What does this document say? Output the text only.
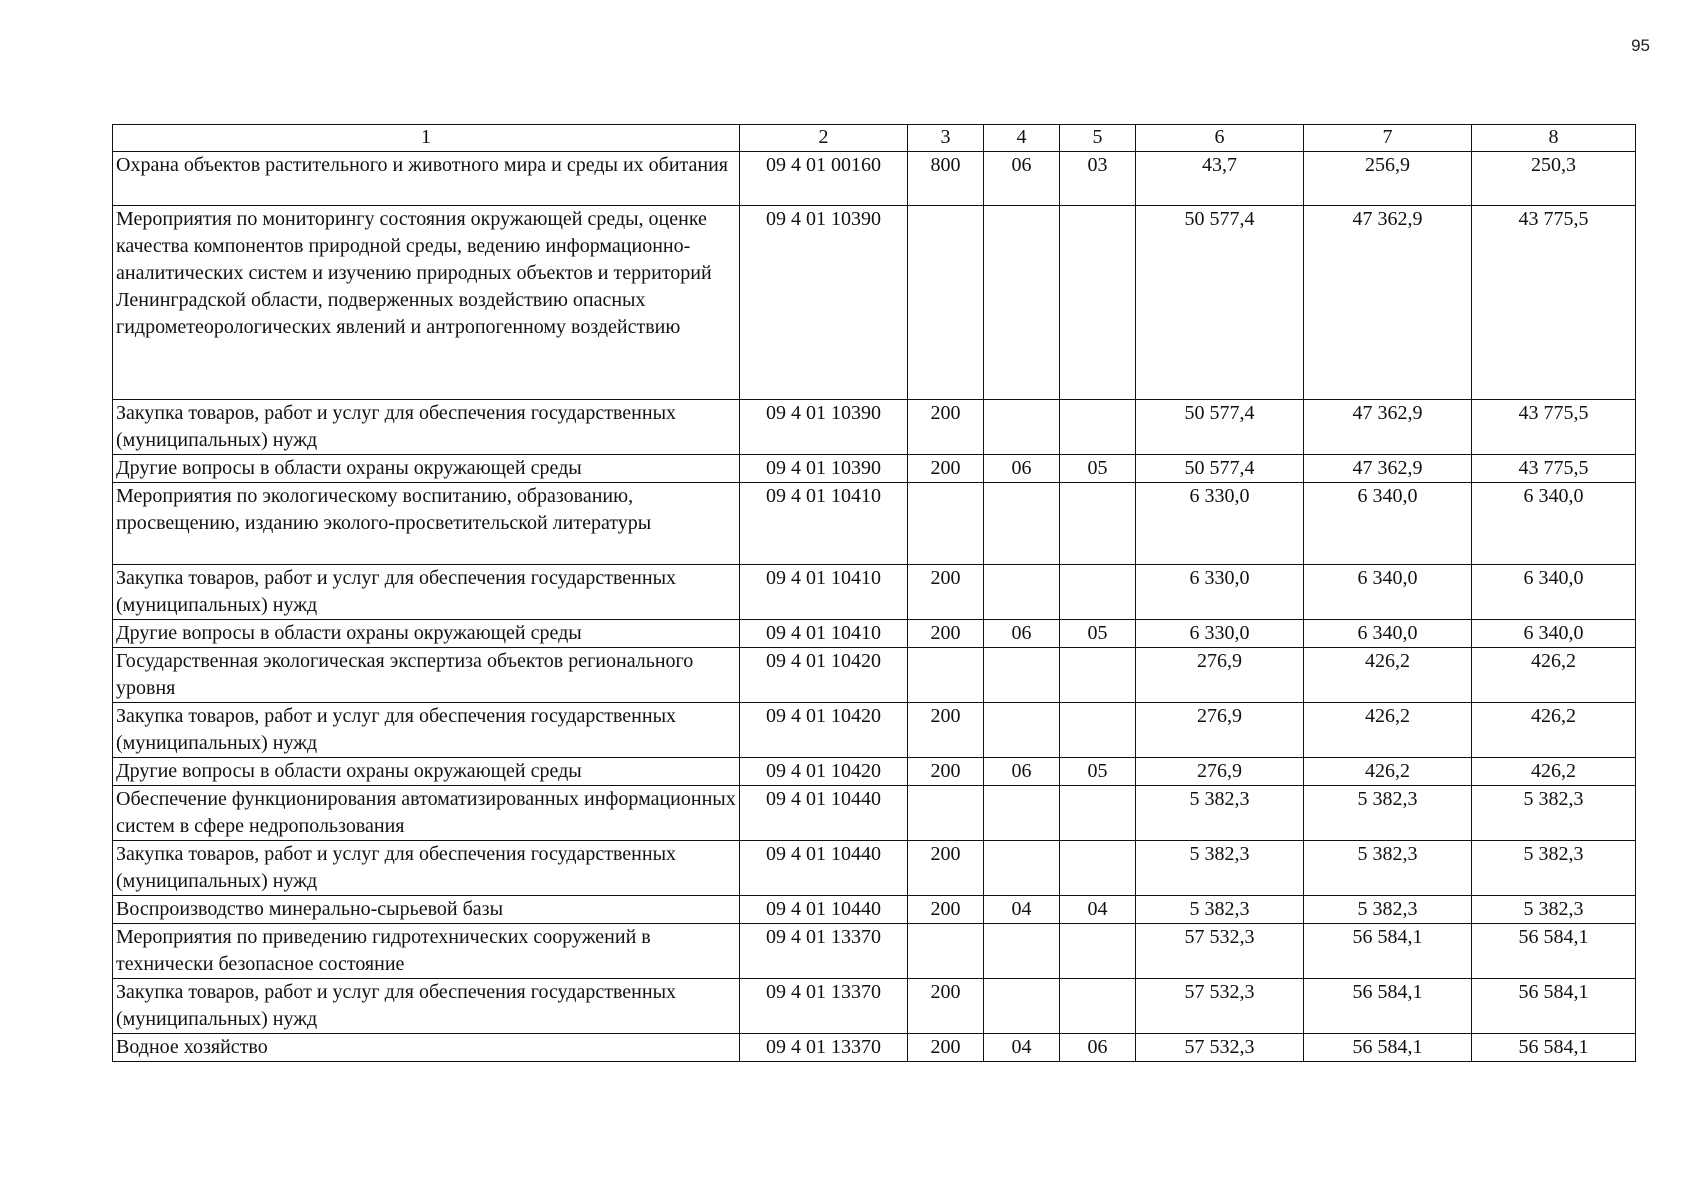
95
1	2	3	4	5	6	7	8
Охрана объектов растительного и животного мира и среды их обитания	09 4 01 00160	800	06	03	43,7	256,9	250,3
Мероприятия по мониторингу состояния окружающей среды, оценке качества компонентов природной среды, ведению информационно-аналитических систем и изучению природных объектов и территорий Ленинградской области, подверженных воздействию опасных гидрометеорологических явлений и антропогенному воздействию	09 4 01 10390				50 577,4	47 362,9	43 775,5
Закупка товаров, работ и услуг для обеспечения государственных (муниципальных) нужд	09 4 01 10390	200			50 577,4	47 362,9	43 775,5
Другие вопросы в области охраны окружающей среды	09 4 01 10390	200	06	05	50 577,4	47 362,9	43 775,5
Мероприятия по экологическому воспитанию, образованию, просвещению, изданию эколого-просветительской литературы	09 4 01 10410				6 330,0	6 340,0	6 340,0
Закупка товаров, работ и услуг для обеспечения государственных (муниципальных) нужд	09 4 01 10410	200			6 330,0	6 340,0	6 340,0
Другие вопросы в области охраны окружающей среды	09 4 01 10410	200	06	05	6 330,0	6 340,0	6 340,0
Государственная экологическая экспертиза объектов регионального уровня	09 4 01 10420				276,9	426,2	426,2
Закупка товаров, работ и услуг для обеспечения государственных (муниципальных) нужд	09 4 01 10420	200			276,9	426,2	426,2
Другие вопросы в области охраны окружающей среды	09 4 01 10420	200	06	05	276,9	426,2	426,2
Обеспечение функционирования автоматизированных информационных систем в сфере недропользования	09 4 01 10440				5 382,3	5 382,3	5 382,3
Закупка товаров, работ и услуг для обеспечения государственных (муниципальных) нужд	09 4 01 10440	200			5 382,3	5 382,3	5 382,3
Воспроизводство минерально-сырьевой базы	09 4 01 10440	200	04	04	5 382,3	5 382,3	5 382,3
Мероприятия по приведению гидротехнических сооружений в технически безопасное состояние	09 4 01 13370				57 532,3	56 584,1	56 584,1
Закупка товаров, работ и услуг для обеспечения государственных (муниципальных) нужд	09 4 01 13370	200			57 532,3	56 584,1	56 584,1
Водное хозяйство	09 4 01 13370	200	04	06	57 532,3	56 584,1	56 584,1
